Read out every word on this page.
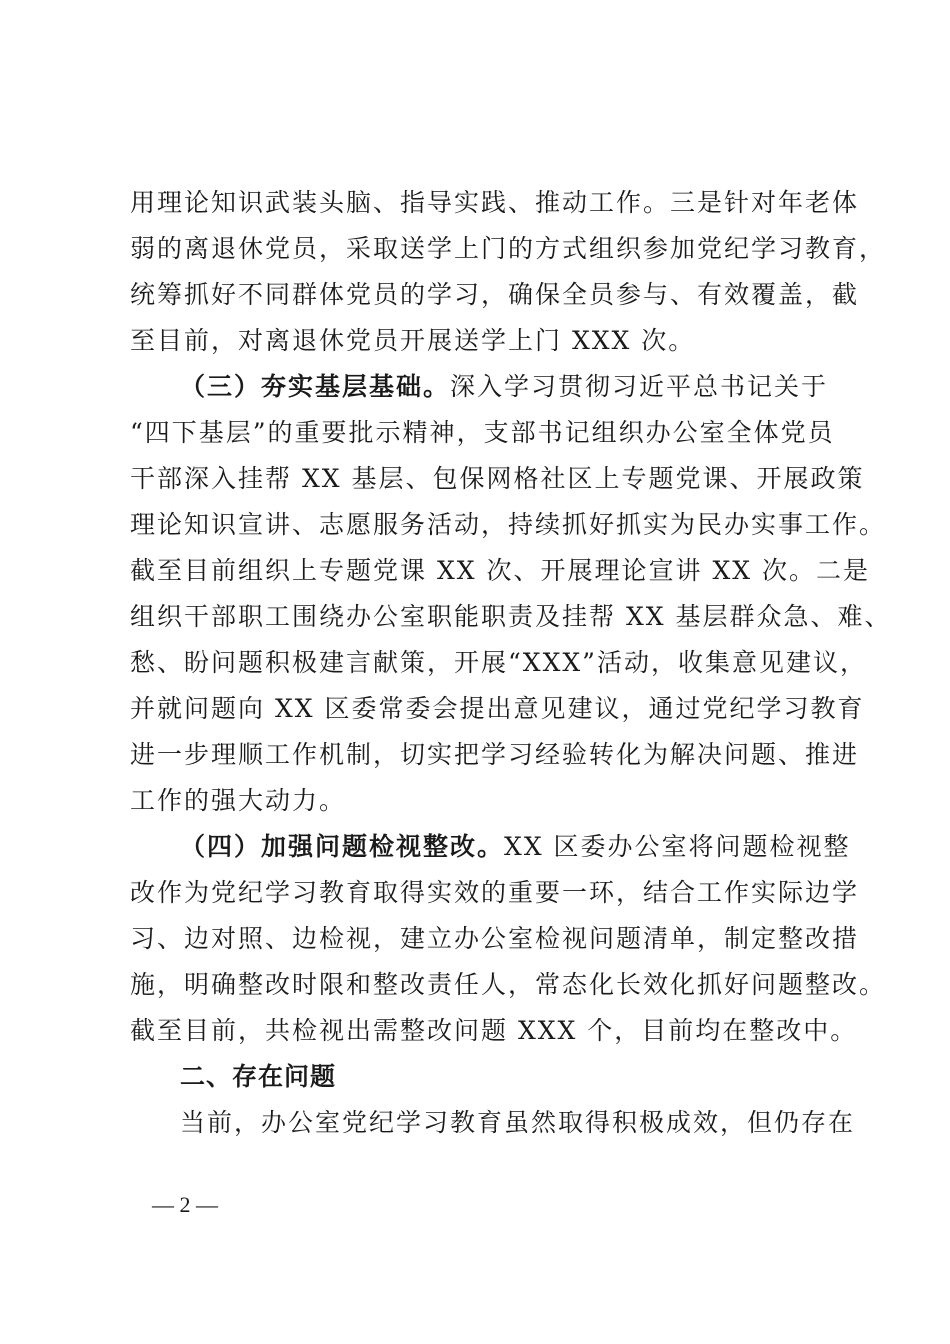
用理论知识武装头脑、指导实践、推动工作。三是针对年老体
弱的离退休党员，采取送学上门的方式组织参加党纪学习教育，
统筹抓好不同群体党员的学习，确保全员参与、有效覆盖，截
至目前，对离退休党员开展送学上门 XXX 次。
（三）夯实基层基础。深入学习贯彻习近平总书记关于
“四下基层”的重要批示精神，支部书记组织办公室全体党员
干部深入挂帮 XX 基层、包保网格社区上专题党课、开展政策
理论知识宣讲、志愿服务活动，持续抓好抓实为民办实事工作。
截至目前组织上专题党课 XX 次、开展理论宣讲 XX 次。二是
组织干部职工围绕办公室职能职责及挂帮 XX 基层群众急、难、
愁、盼问题积极建言献策，开展“XXX”活动，收集意见建议，
并就问题向 XX 区委常委会提出意见建议，通过党纪学习教育
进一步理顺工作机制，切实把学习经验转化为解决问题、推进
工作的强大动力。
（四）加强问题检视整改。XX 区委办公室将问题检视整
改作为党纪学习教育取得实效的重要一环，结合工作实际边学
习、边对照、边检视，建立办公室检视问题清单，制定整改措
施，明确整改时限和整改责任人，常态化长效化抓好问题整改。
截至目前，共检视出需整改问题 XXX 个，目前均在整改中。
二、存在问题
当前，办公室党纪学习教育虽然取得积极成效，但仍存在
— 2 —
